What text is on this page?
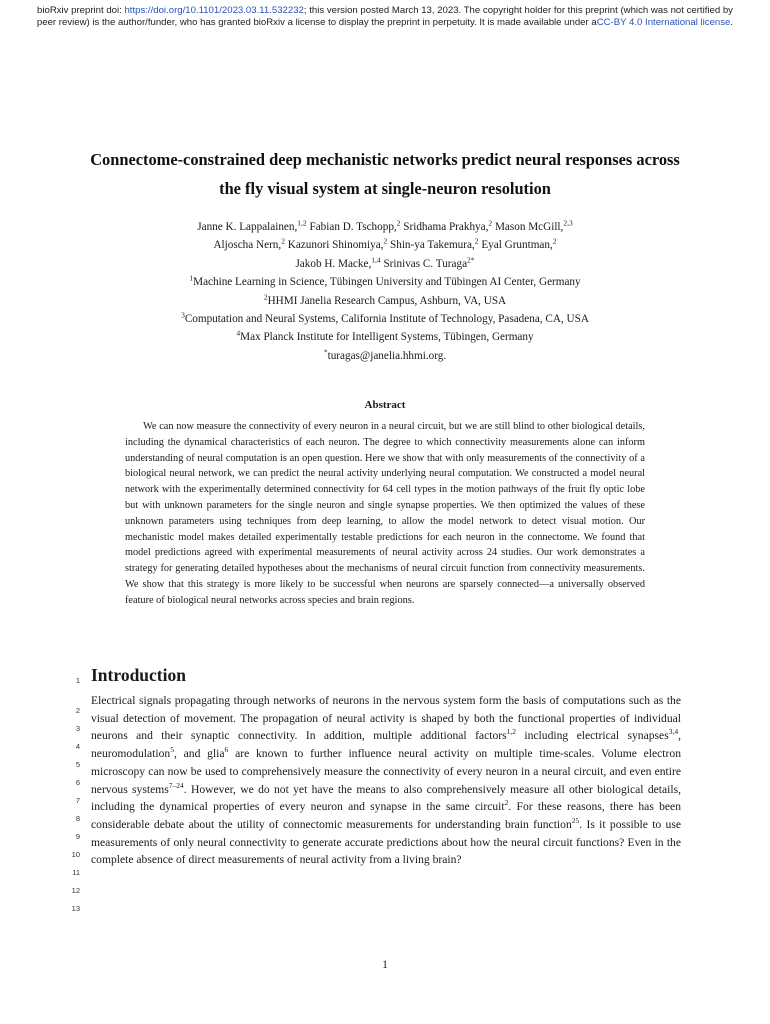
bioRxiv preprint doi: https://doi.org/10.1101/2023.03.11.532232; this version posted March 13, 2023. The copyright holder for this preprint (which was not certified by peer review) is the author/funder, who has granted bioRxiv a license to display the preprint in perpetuity. It is made available under aCC-BY 4.0 International license.
Connectome-constrained deep mechanistic networks predict neural responses across the fly visual system at single-neuron resolution
Janne K. Lappalainen,$^{1,2}$ Fabian D. Tschopp,$^2$ Sridhama Prakhya,$^2$ Mason McGill,$^{2,3}$
Aljoscha Nern,$^2$ Kazunori Shinomiya,$^2$ Shin-ya Takemura,$^2$ Eyal Gruntman,$^2$
Jakob H. Macke,$^{1,4}$ Srinivas C. Turaga$^{2*}$
$^1$Machine Learning in Science, Tübingen University and Tübingen AI Center, Germany
$^2$HHMI Janelia Research Campus, Ashburn, VA, USA
$^3$Computation and Neural Systems, California Institute of Technology, Pasadena, CA, USA
$^4$Max Planck Institute for Intelligent Systems, Tübingen, Germany
*turagas@janelia.hhmi.org.
Abstract

We can now measure the connectivity of every neuron in a neural circuit, but we are still blind to other biological details, including the dynamical characteristics of each neuron. The degree to which connectivity measurements alone can inform understanding of neural computation is an open question. Here we show that with only measurements of the connectivity of a biological neural network, we can predict the neural activity underlying neural computation. We constructed a model neural network with the experimentally determined connectivity for 64 cell types in the motion pathways of the fruit fly optic lobe but with unknown parameters for the single neuron and single synapse properties. We then optimized the values of these unknown parameters using techniques from deep learning, to allow the model network to detect visual motion. Our mechanistic model makes detailed experimentally testable predictions for each neuron in the connectome. We found that model predictions agreed with experimental measurements of neural activity across 24 studies. Our work demonstrates a strategy for generating detailed hypotheses about the mechanisms of neural circuit function from connectivity measurements. We show that this strategy is more likely to be successful when neurons are sparsely connected—a universally observed feature of biological neural networks across species and brain regions.

Introduction

Electrical signals propagating through networks of neurons in the nervous system form the basis of computations such as the visual detection of movement. The propagation of neural activity is shaped by both the functional properties of individual neurons and their synaptic connectivity. In addition, multiple additional factors$^{1,2}$ including electrical synapses$^{3,4}$, neuromodulation$^5$, and glia$^6$ are known to further influence neural activity on multiple time-scales. Volume electron microscopy can now be used to comprehensively measure the connectivity of every neuron in a neural circuit, and even entire nervous systems$^{7-24}$. However, we do not yet have the means to also comprehensively measure all other biological details, including the dynamical properties of every neuron and synapse in the same circuit$^2$. For these reasons, there has been considerable debate about the utility of connectomic measurements for understanding brain function$^{25}$. Is it possible to use measurements of only neural connectivity to generate accurate predictions about how the neural circuit functions? Even in the complete absence of direct measurements of neural activity from a living brain?

1
2
3
4
5
6
7
8
9
10
11
12
13
1
